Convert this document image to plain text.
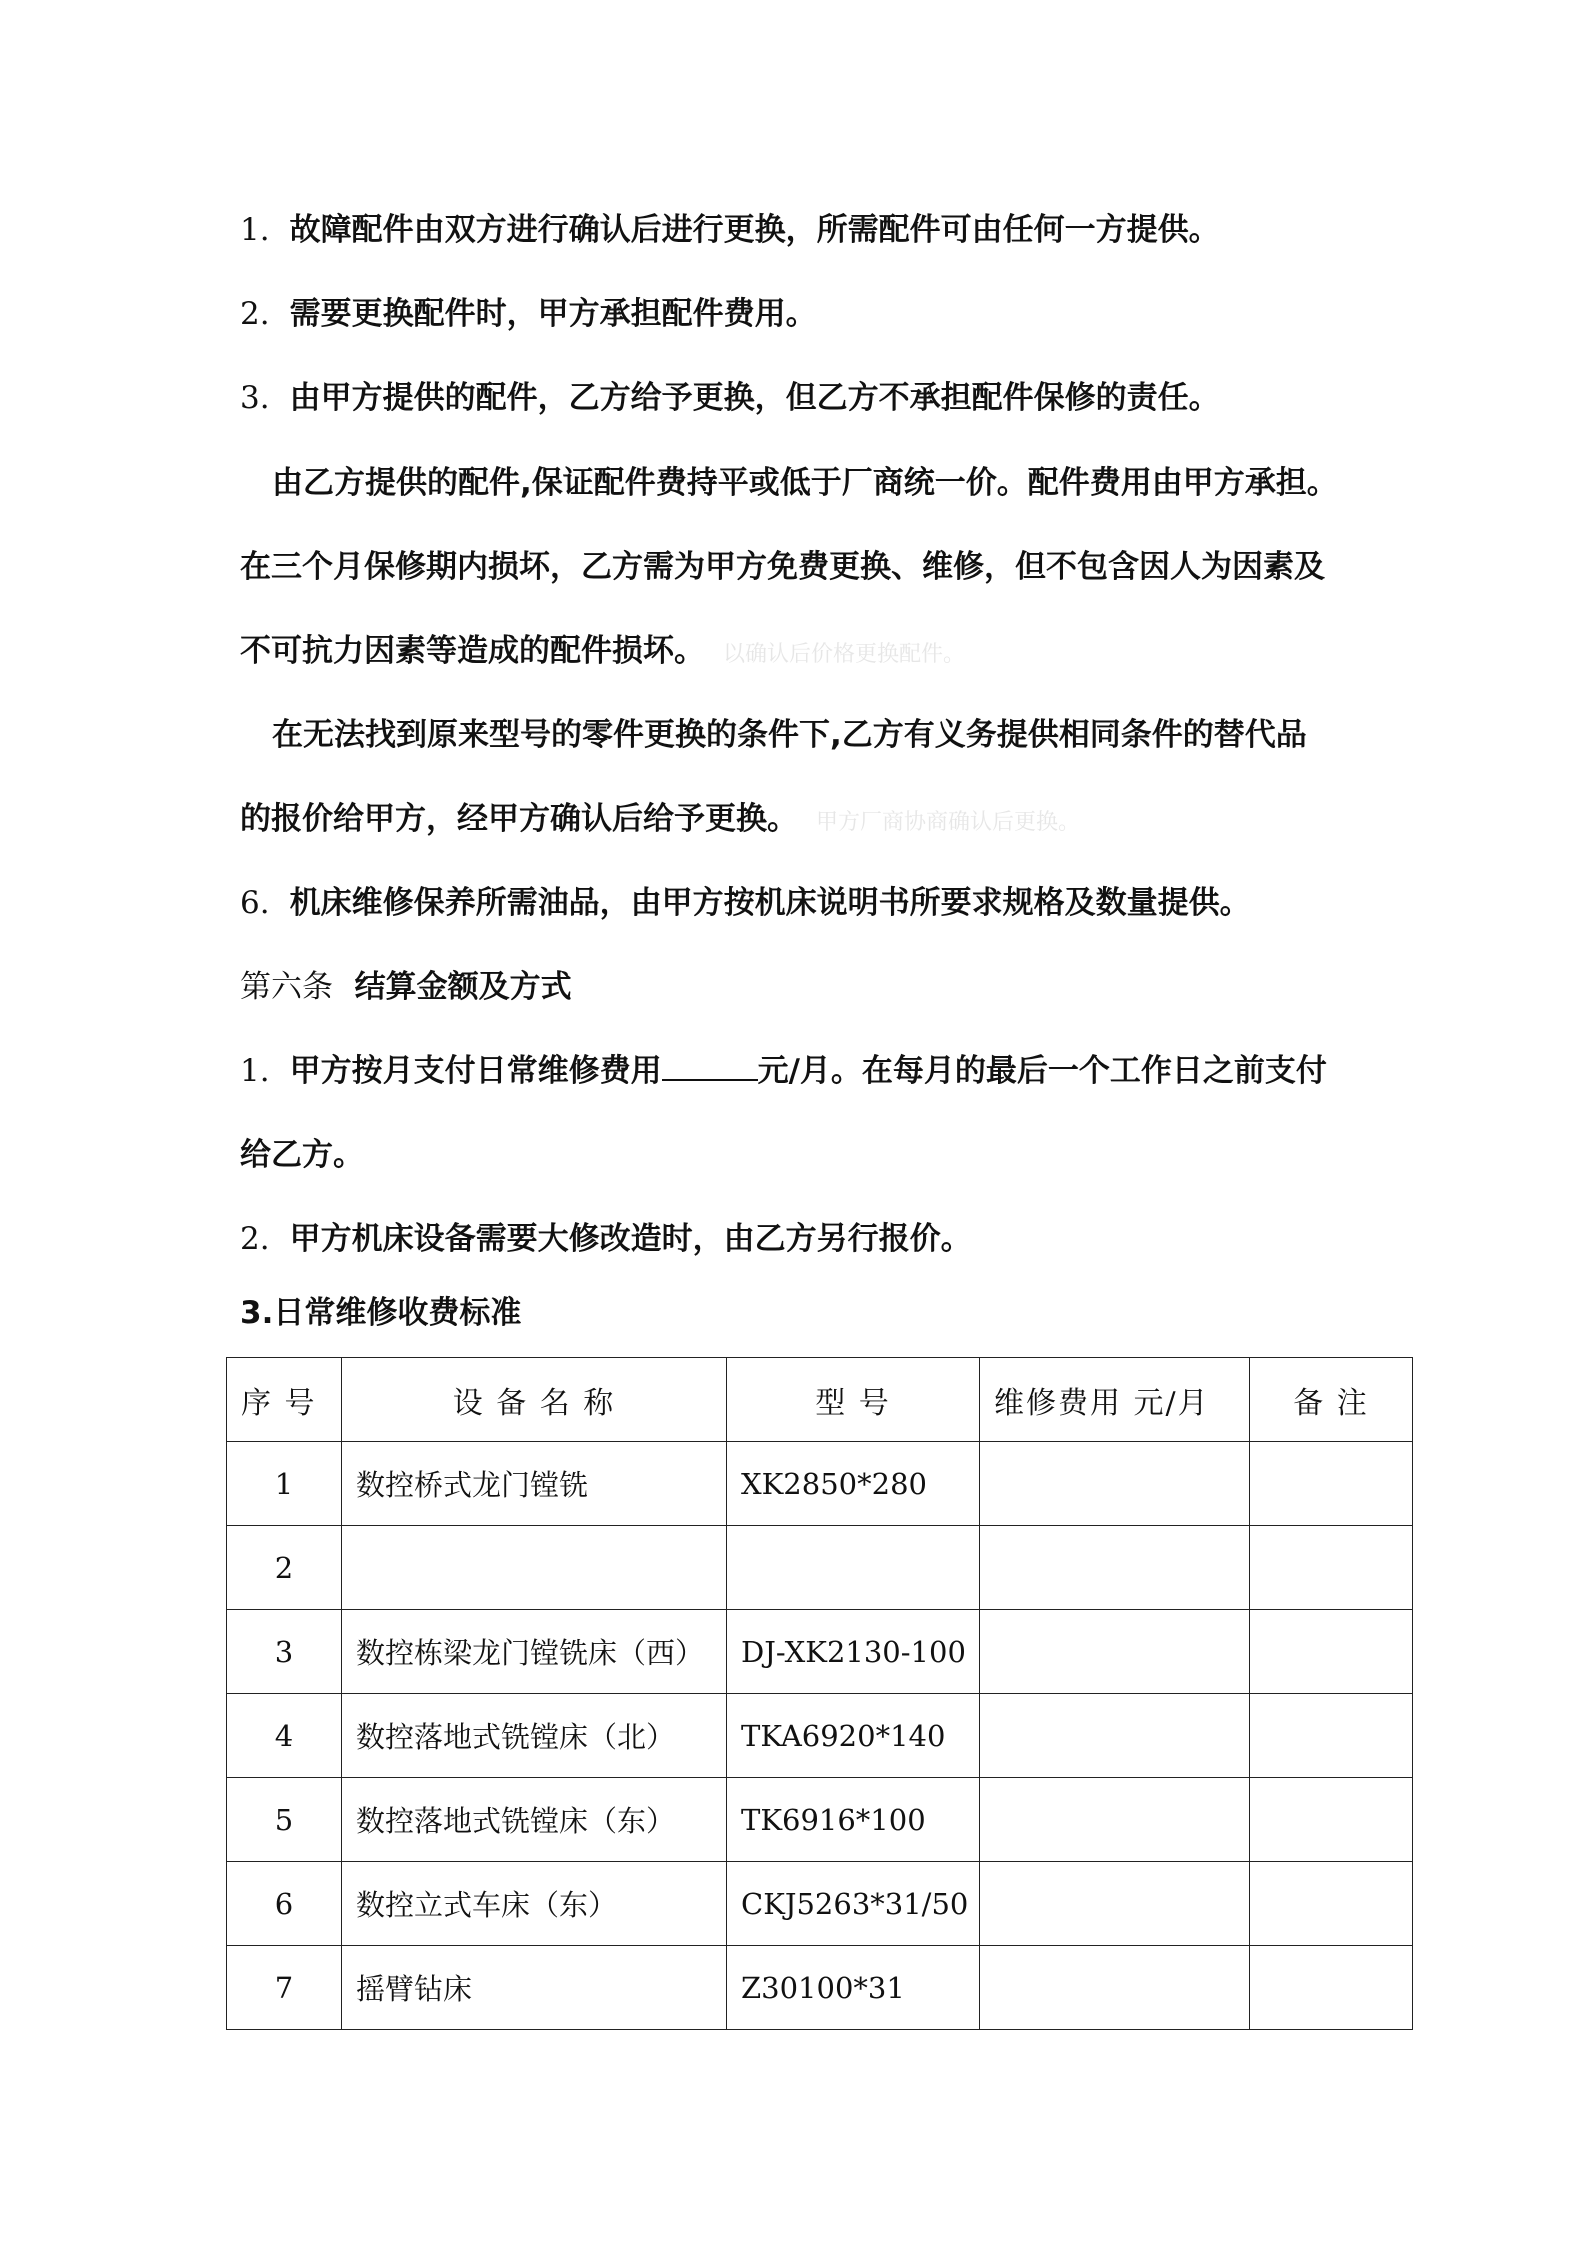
1. 故障配件由双方进行确认后进行更换，所需配件可由任何一方提供。
2. 需要更换配件时，甲方承担配件费用。
3. 由甲方提供的配件，乙方给予更换，但乙方不承担配件保修的责任。
由乙方提供的配件,保证配件费持平或低于厂商统一价。配件费用由甲方承担。
在三个月保修期内损坏，乙方需为甲方免费更换、维修，但不包含因人为因素及
不可抗力因素等造成的配件损坏。 以确认后价格更换配件。
在无法找到原来型号的零件更换的条件下,乙方有义务提供相同条件的替代品
的报价给甲方，经甲方确认后给予更换。 甲方厂商协商确认后更换。
6. 机床维修保养所需油品，由甲方按机床说明书所要求规格及数量提供。
第六条 结算金额及方式
1. 甲方按月支付日常维修费用	元/月。在每月的最后一个工作日之前支付
给乙方。
2. 甲方机床设备需要大修改造时，由乙方另行报价。
3.日常维修收费标准
序 号	设 备 名 称	型 号	维修费用 元/月	备 注
1	数控桥式龙门镗铣	XK2850*280		
2				
3	数控栋梁龙门镗铣床（西）	DJ-XK2130-100		
4	数控落地式铣镗床（北）	TKA6920*140		
5	数控落地式铣镗床（东）	TK6916*100		
6	数控立式车床（东）	CKJ5263*31/50		
7	摇臂钻床	Z30100*31		
